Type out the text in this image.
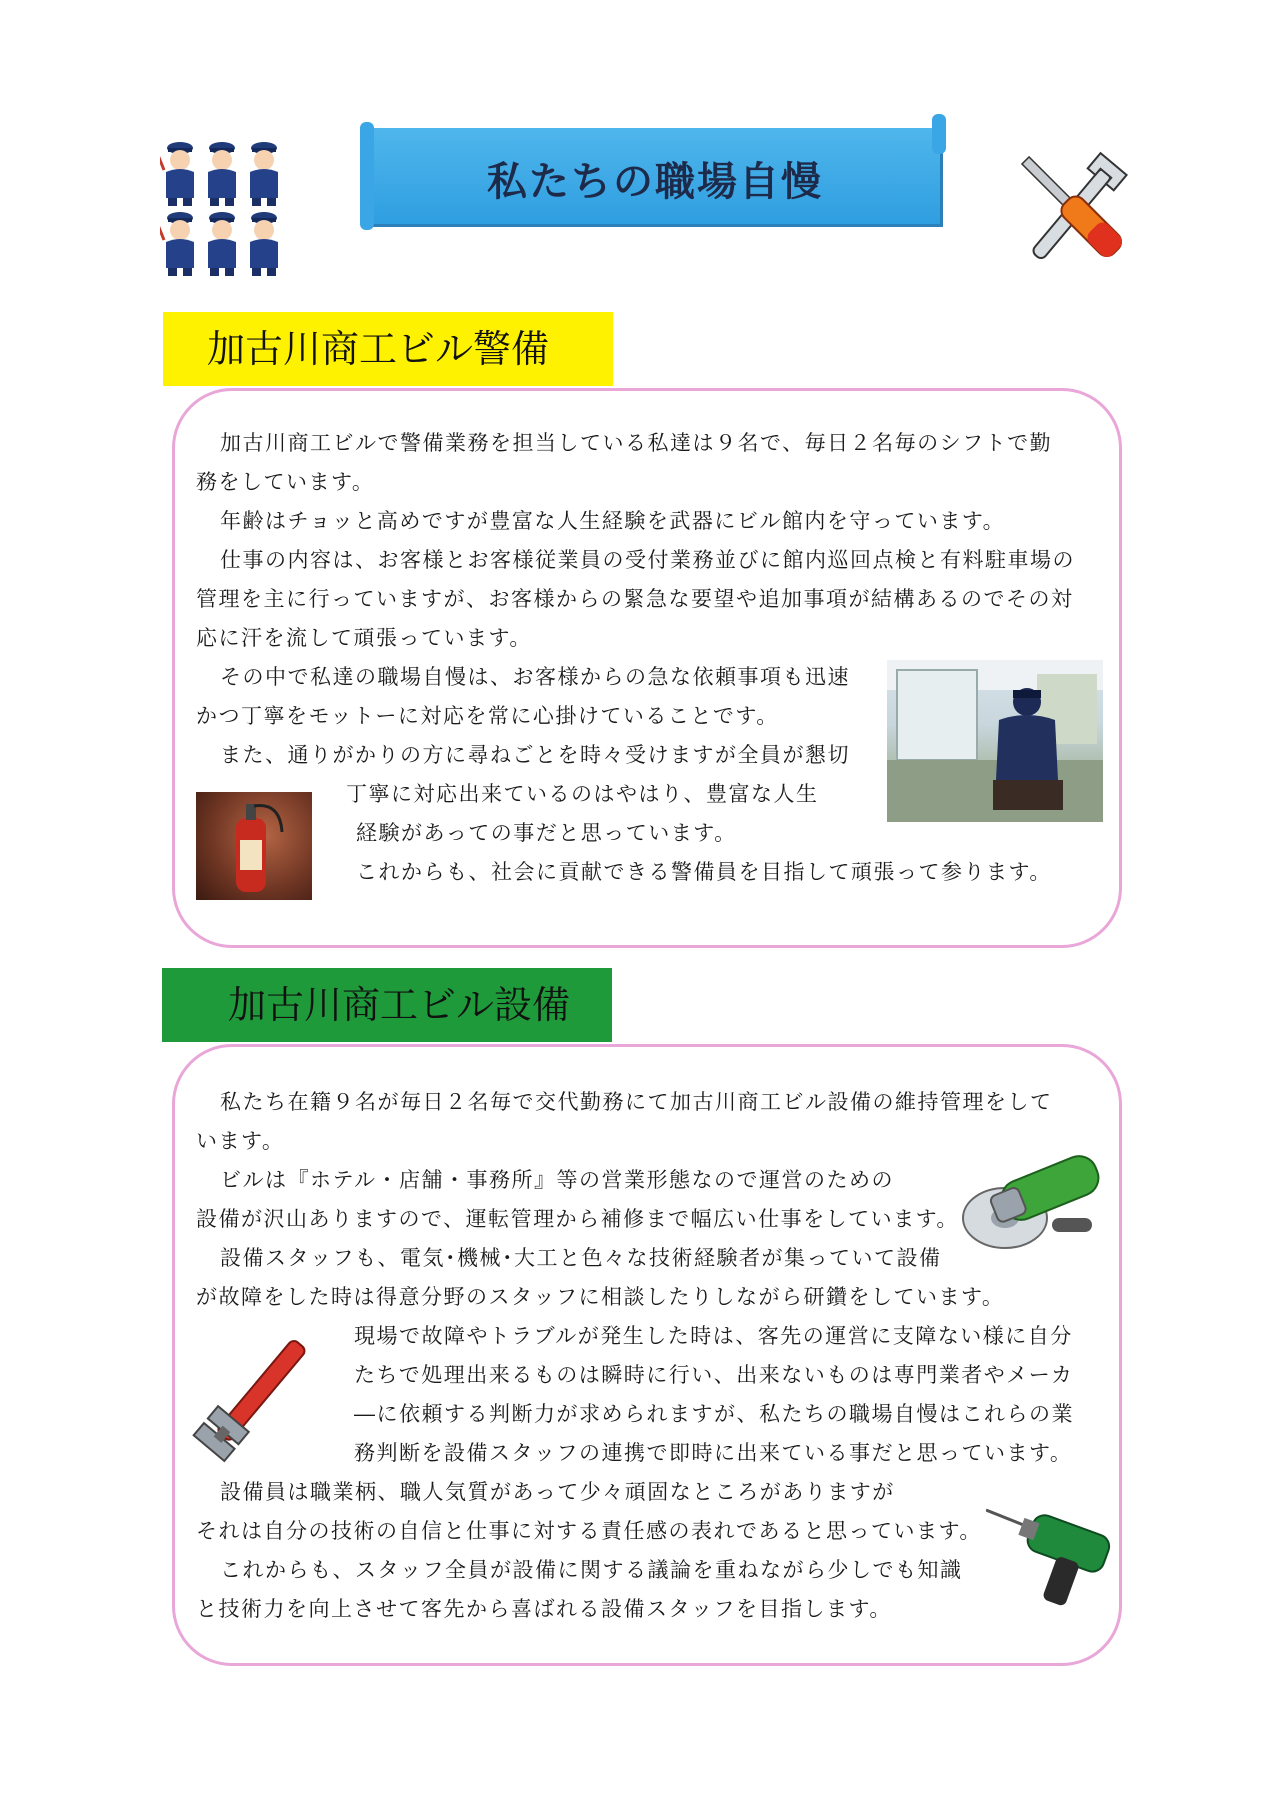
私たちの職場自慢
加古川商工ビル警備
加古川商工ビルで警備業務を担当している私達は９名で、毎日２名毎のシフトで勤
務をしています。
年齢はチョッと高めですが豊富な人生経験を武器にビル館内を守っています。
仕事の内容は、お客様とお客様従業員の受付業務並びに館内巡回点検と有料駐車場の
管理を主に行っていますが、お客様からの緊急な要望や追加事項が結構あるのでその対
応に汗を流して頑張っています。
その中で私達の職場自慢は、お客様からの急な依頼事項も迅速
かつ丁寧をモットーに対応を常に心掛けていることです。
また、通りがかりの方に尋ねごとを時々受けますが全員が懇切
丁寧に対応出来ているのはやはり、豊富な人生
経験があっての事だと思っています。
これからも、社会に貢献できる警備員を目指して頑張って参ります。
加古川商工ビル設備
私たち在籍９名が毎日２名毎で交代勤務にて加古川商工ビル設備の維持管理をして
います。
ビルは『ホテル・店舗・事務所』等の営業形態なので運営のための
設備が沢山ありますので、運転管理から補修まで幅広い仕事をしています。
設備スタッフも、電気･機械･大工と色々な技術経験者が集っていて設備
が故障をした時は得意分野のスタッフに相談したりしながら研鑽をしています。
現場で故障やトラブルが発生した時は、客先の運営に支障ない様に自分
たちで処理出来るものは瞬時に行い、出来ないものは専門業者やメーカ
―に依頼する判断力が求められますが、私たちの職場自慢はこれらの業
務判断を設備スタッフの連携で即時に出来ている事だと思っています。
設備員は職業柄、職人気質があって少々頑固なところがありますが
それは自分の技術の自信と仕事に対する責任感の表れであると思っています。
これからも、スタッフ全員が設備に関する議論を重ねながら少しでも知識
と技術力を向上させて客先から喜ばれる設備スタッフを目指します。
